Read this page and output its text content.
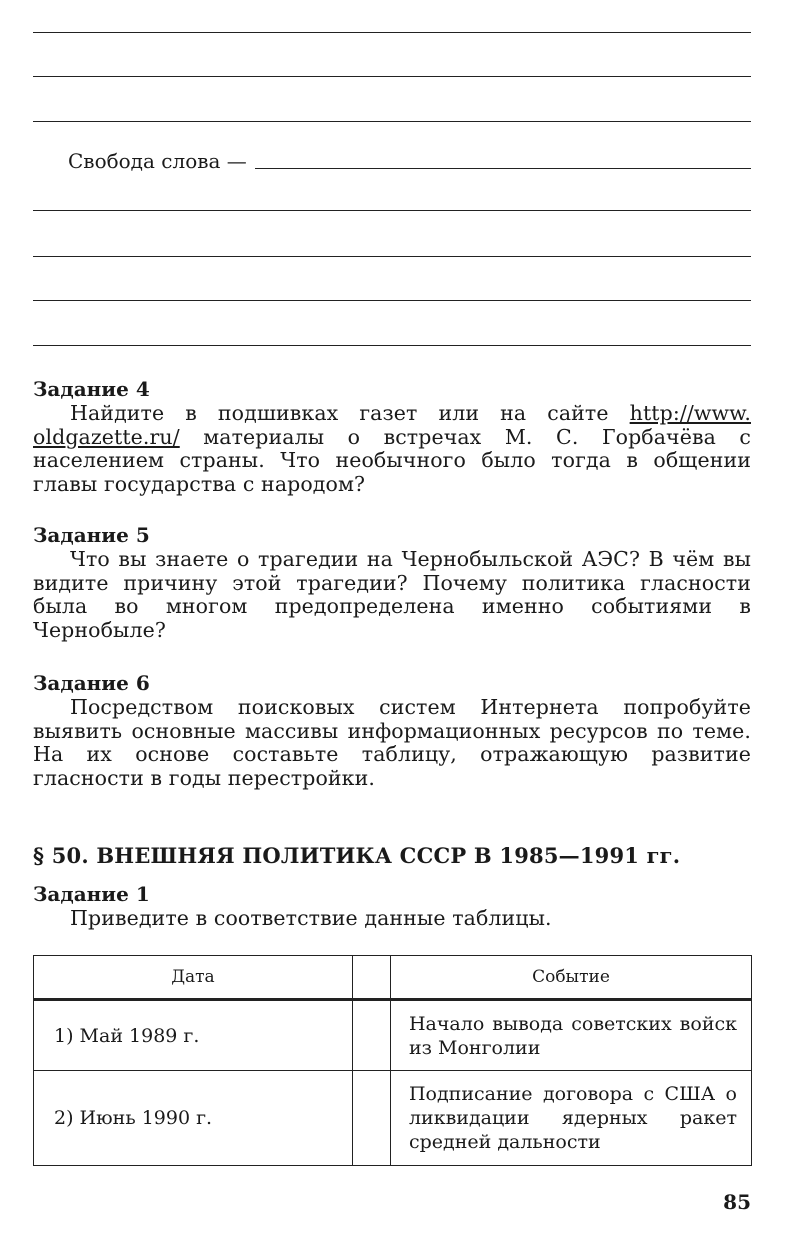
Свобода слова —

Задание 4

Найдите в подшивках газет или на сайте http://www. oldgazette.ru/ материалы о встречах М. С. Горбачёва с населением страны. Что необычного было тогда в общении главы государства с народом?

Задание 5

Что вы знаете о трагедии на Чернобыльской АЭС? В чём вы видите причину этой трагедии? Почему политика гласности была во многом предопределена именно событиями в Чернобыле?

Задание 6

Посредством поисковых систем Интернета попробуйте выявить основные массивы информационных ресурсов по теме. На их основе составьте таблицу, отражающую развитие гласности в годы перестройки.

§ 50. ВНЕШНЯЯ ПОЛИТИКА СССР В 1985—1991 гг.

Задание 1

Приведите в соответствие данные таблицы.

Дата		Событие
1) Май 1989 г.		Начало вывода советских войск из Монголии
2) Июнь 1990 г.		Подписание договора с США о ликвидации ядерных ракет средней дальности
85
